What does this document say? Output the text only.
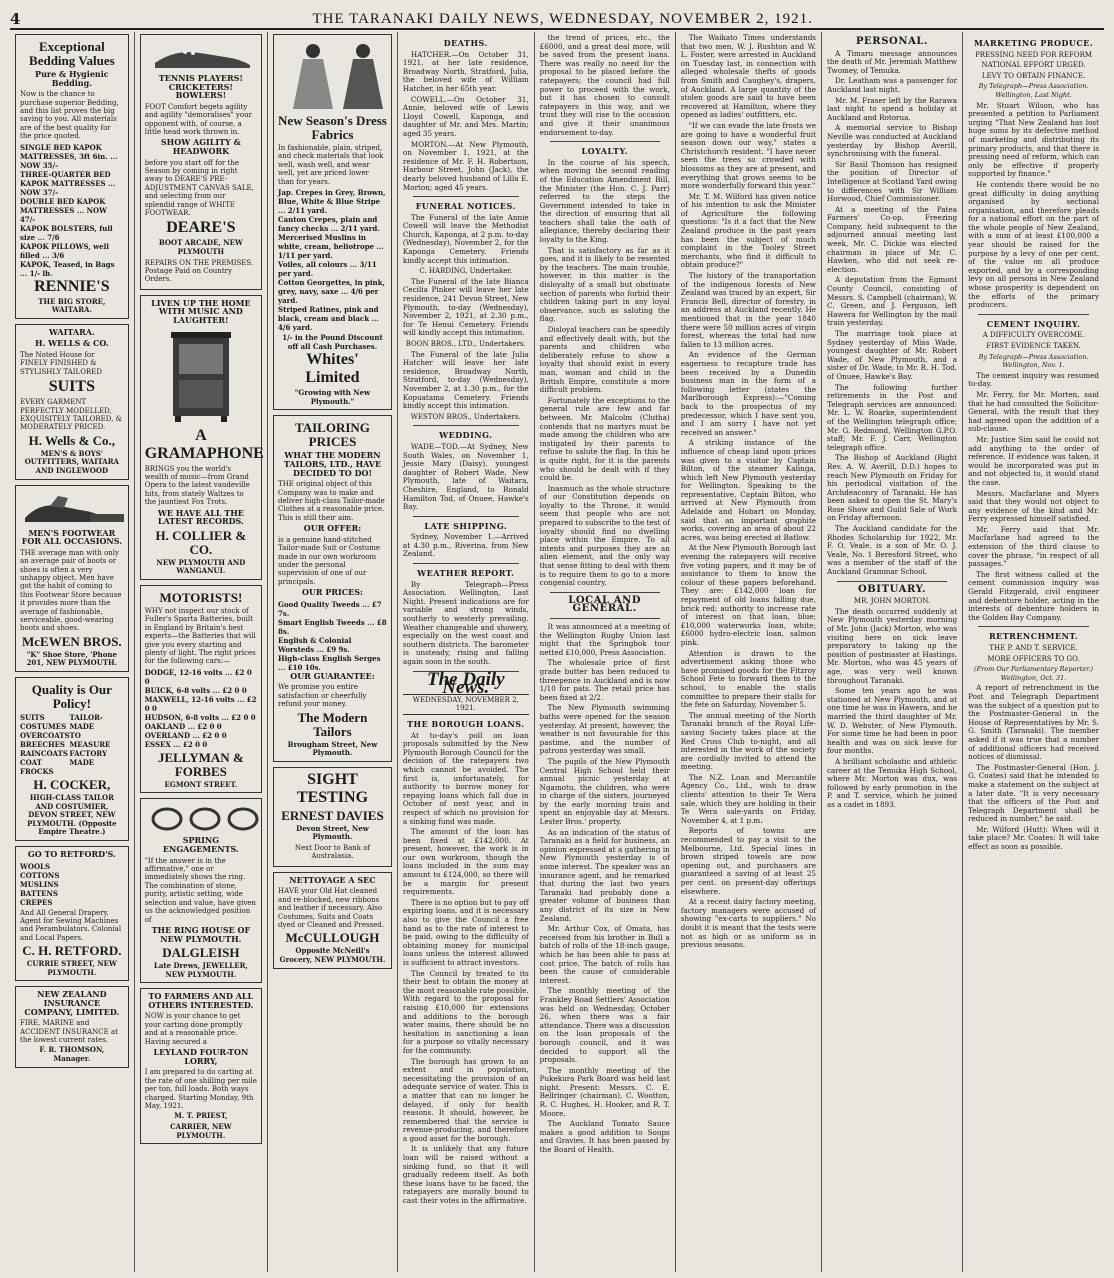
4	THE TARANAKI DAILY NEWS, WEDNESDAY, NOVEMBER 2, 1921.
Exceptional Bedding Values
Pure & Hygienic Bedding.
Now is the chance to purchase superior Bedding, and this list proves the big saving to you. All materials are of the best quality for the price quoted.
SINGLE BED KAPOK MATTRESSES, 3ft 6in. ... NOW 35/-
THREE-QUARTER BED KAPOK MATTRESSES ... NOW 37/-
DOUBLE BED KAPOK MATTRESSES ... NOW 47/-
KAPOK BOLSTERS, full size ... 7/6
KAPOK PILLOWS, well filled ... 3/6
KAPOK, Teased, in Bags ... 1/- lb.
RENNIE'S
THE BIG STORE, WAITARA.
WAITARA.
H. WELLS & CO.
The Noted House for FINELY FINISHED & STYLISHLY TAILORED
SUITS
EVERY GARMENT PERFECTLY MODELLED, EXQUISITELY TAILORED, & MODERATELY PRICED.
H. Wells & Co.,
MEN'S & BOYS' OUTFITTERS, WAITARA AND INGLEWOOD
MEN'S FOOTWEAR FOR ALL OCCASIONS.
THE average man with only an average pair of boots or shoes is often a very unhappy object. Men have got the habit of coming to this Footwear Store because it provides more than the average of fashionable, serviceable, good-wearing boots and shoes.
McEWEN BROS.
"K" Shoe Store, 'Phone 201, NEW PLYMOUTH.
Quality is Our Policy!
SUITS
COSTUMES
OVERCOATS
BREECHES
RAINCOATS
COAT FROCKS
TAILOR-MADE
TO MEASURE
FACTORY MADE
H. COCKER,
HIGH-CLASS TAILOR AND COSTUMIER, DEVON STREET, NEW PLYMOUTH. (Opposite Empire Theatre.)
GO TO RETFORD'S.
WOOLS
COTTONS
MUSLINS
BATTENS
CREPES
And All General Drapery. Agent for Sewing Machines and Perambulators. Colonial and Local Papers.
C. H. RETFORD.
CURRIE STREET, NEW PLYMOUTH.
NEW ZEALAND INSURANCE COMPANY, LIMITED.
FIRE, MARINE and ACCIDENT INSURANCE at the lowest current rates.
F. R. THOMSON, Manager.
TENNIS PLAYERS! CRICKETERS! BOWLERS!
FOOT Comfort begets agility and agility "demoralises" your opponent with, of course, a little head work thrown in.
SHOW AGILITY & HEADWORK
before you start off for the Season by coming in right away to DEARE'S PRE-ADJUSTMENT CANVAS SALE, and selecting from our splendid range of WHITE FOOTWEAR.
DEARE'S
BOOT ARCADE, NEW PLYMOUTH
REPAIRS ON THE PREMISES. Postage Paid on Country Orders.
LIVEN UP THE HOME WITH MUSIC AND LAUGHTER!
A GRAMAPHONE
BRINGS you the world's wealth of music—from Grand Opera to the latest vaudeville hits, from stately Waltzes to the jauntiest Fox Trots.
WE HAVE ALL THE LATEST RECORDS.
H. COLLIER & CO.
NEW PLYMOUTH AND WANGANUI.
MOTORISTS!
WHY not inspect our stock of Fuller's Sparta Batteries, built in England by Britain's best experts—the Batteries that will give you every starting and plenty of light. The right prices for the following cars:—
DODGE, 12-16 volts ... £2 0 0
BUICK, 6-8 volts ... £2 0 0
MAXWELL, 12-16 volts ... £2 0 0
HUDSON, 6-8 volts ... £2 0 0
OAKLAND ... £2 0 0
OVERLAND ... £2 0 0
ESSEX ... £2 0 0
JELLYMAN & FORBES
EGMONT STREET.
SPRING ENGAGEMENTS.
"If the answer is in the affirmative," one or immediately shows the ring. The combination of stone, purity, artistic setting, wide selection and value, have given us the acknowledged position of
THE RING HOUSE OF NEW PLYMOUTH.
DALGLEISH
Late Drews, JEWELLER, NEW PLYMOUTH.
TO FARMERS AND ALL OTHERS INTERESTED.
NOW is your chance to get your carting done promptly and at a reasonable price. Having secured a
LEYLAND FOUR-TON LORRY,
I am prepared to do carting at the rate of one shilling per mile per ton, full loads. Both ways charged. Starting Monday, 9th May, 1921.
M. T. PRIEST,
CARRIER, NEW PLYMOUTH.
New Season's Dress Fabrics
In fashionable, plain, striped, and check materials that look well, wash well, and wear well, yet are priced lower than for years.
Jap. Crepes in Grey, Brown, Blue, White & Blue Stripe ... 2/11 yard.
Canton Crepes, plain and fancy checks ... 2/11 yard.
Mercerised Muslins in white, cream, heliotrope ... 1/11 per yard.
Voiles, all colours ... 3/11 per yard.
Cotton Georgettes, in pink, grey, navy, saxe ... 4/6 per yard.
Striped Ratines, pink and black, cream and black ... 4/6 yard.
1/- in the Pound Discount off all Cash Purchases.
Whites' Limited
"Growing with New Plymouth."
TAILORING PRICES
WHAT THE MODERN TAILORS, LTD., HAVE DECIDED TO DO!
THE original object of this Company was to make and deliver high-class Tailor-made Clothes at a reasonable price. This is still their aim.
OUR OFFER:
is a genuine hand-stitched Tailor-made Suit or Costume made in our own workroom under the personal supervision of one of our principals.
OUR PRICES:
Good Quality Tweeds ... £7 7s.
Smart English Tweeds ... £8 8s.
English & Colonial Worsteds ... £9 9s.
High-class English Serges ... £10 10s.
OUR GUARANTEE:
We promise you entire satisfaction or cheerfully refund your money.
The Modern Tailors
Brougham Street, New Plymouth.
SIGHT TESTING
ERNEST DAVIES
Devon Street, New Plymouth.
Next Door to Bank of Australasia.
NETTOYAGE A SEC
HAVE your Old Hat cleaned and re-blocked, new ribbons and leather if necessary. Also Costumes, Suits and Coats dyed or Cleaned and Pressed.
McCULLOUGH
Opposite McNeill's Grocery, NEW PLYMOUTH.
DEATHS.

HATCHER.—On October 31, 1921, at her late residence, Broadway North, Stratford, Julia, the beloved wife of William Hatcher, in her 65th year.

COWELL.—On October 31, Annie, beloved wife of Lewis Lloyd Cowell, Kaponga, and daughter of Mr. and Mrs. Martin; aged 35 years.

MORTON.—At New Plymouth, on November 1, 1921, at the residence of Mr. F. H. Robertson, Harbour Street, John (Jack), the dearly beloved husband of Lilla E. Morton; aged 45 years.

FUNERAL NOTICES.

The Funeral of the late Annie Cowell will leave the Methodist Church, Kaponga, at 2 p.m. to-day (Wednesday), November 2, for the Kaponga Cemetery. Friends kindly accept this intimation.

C. HARDING, Undertaker.

The Funeral of the late Bianca Cecilia Pinker will leave her late residence, 241 Devon Street, New Plymouth, to-day (Wednesday), November 2, 1921, at 2.30 p.m., for Te Henui Cemetery. Friends will kindly accept this intimation.

BOON BROS., LTD., Undertakers.

The Funeral of the late Julia Hatcher will leave her late residence, Broadway North, Stratford, to-day (Wednesday), November 2, at 1.30 p.m., for the Kopuatama Cemetery. Friends kindly accept this intimation.

WESTON BROS., Undertakers.
WEDDING.

WADE—TOD.—At Sydney, New South Wales, on November 1, Jessie Mary (Daisy), youngest daughter of Robert Wade, New Plymouth, late of Waitara, Cheshire, England, to Ronald Hamilton Tod, of Onuee, Hawke's Bay.

LATE SHIPPING.

Sydney, November 1.—Arrived at 4.30 p.m., Riverina, from New Zealand.

WEATHER REPORT.

By Telegraph—Press Association. Wellington, Last Night. Present indications are for variable and strong winds, southerly to westerly prevailing. Weather changeable and showery, especially on the west coast and southern districts. The barometer is unsteady, rising and falling again soon in the south.

The Daily News.
WEDNESDAY, NOVEMBER 2, 1921.
THE BOROUGH LOANS.

At to-day's poll on loan proposals submitted by the New Plymouth Borough Council for the decision of the ratepayers two which cannot be avoided. The first is, unfortunately, for authority to borrow money for repaying loans which fall due in October of next year, and in respect of which no provision for a sinking fund was made.

The amount of the loan has been fixed at £142,000. At present, however, the work is in our own workroom, though the loans included in the sum may amount to £124,000, so there will be a margin for present requirements.

There is no option but to pay off expiring loans, and it is necessary also to give the Council a free hand as to the rate of interest to be paid, owing to the difficulty of obtaining money for municipal loans unless the interest allowed is sufficient to attract investors.

The Council by treated to its their best to obtain the money at the most reasonable rate possible. With regard to the proposal for raising £10,000 for extensions and additions to the borough water mains, there should be no hesitation in sanctioning a loan for a purpose so vitally necessary for the community.

The borough has grown to an extent and in population, necessitating the provision of an adequate service of water. This is a matter that can no longer be delayed, if only for health reasons. It should, however, be remembered that the service is revenue-producing, and therefore a good asset for the borough.

It is unlikely that any future loan will be raised without a sinking fund, so that it will gradually redeem itself. As both these loans have to be faced, the ratepayers are morally bound to cast their votes in the affirmative.

the trend of prices, etc., the £6000, and a great deal more, will be saved from the present loans. There was really no need for the proposal to be placed before the ratepayers; the council had full power to proceed with the work, but it has chosen to consult ratepayers in this way, and we trust they will rise to the occasion and give it their unanimous endorsement to-day.

LOYALTY.

In the course of his speech, when moving the second reading of the Education Amendment Bill, the Minister (the Hon. C. J. Parr) referred to the steps the Government intended to take in the direction of ensuring that all teachers shall take the oath of allegiance, thereby declaring their loyalty to the King.

That is satisfactory as far as it goes, and it is likely to be resented by the teachers. The main trouble, however, in this matter is the disloyalty of a small but obstinate section of parents who forbid their children taking part in any loyal observance, such as saluting the flag.

Disloyal teachers can be speedily and effectively dealt with, but the parents and children who deliberately refuse to show a loyalty that should exist in every man, woman and child in the British Empire, constitute a more difficult problem.

Fortunately the exceptions to the general rule are few and far between. Mr. Malcolm (Clutha) contends that no martyrs must be made among the children who are instigated by their parents to refuse to salute the flag. In this he is quite right, for it is the parents who should be dealt with if they could be.

Inasmuch as the whole structure of our Constitution depends on loyalty to the Throne, it would seem that people who are not prepared to subscribe to the test of loyalty should find no dwelling place within the Empire. To all intents and purposes they are an alien element, and the only way that sense fitting to deal with them is to require them to go to a more congenial country.

LOCAL AND GENERAL.

It was announced at a meeting of the Wellington Rugby Union last night that the Springbok tour netted £10,000, Press Association.

The wholesale price of first grade butter has been reduced to threepence in Auckland and is now 1/10 for pats. The retail price has been fixed at 2/2.

The New Plymouth swimming baths were opened for the season yesterday. At present, however, the weather is not favourable for this pastime, and the number of patrons yesterday was small.

The pupils of the New Plymouth Central High School held their annual picnic yesterday at Ngamotu, the children, who were in charge of the sisters, journeyed by the early morning train and spent an enjoyable day at Messrs. Lester Bros.' property.

As an indication of the status of Taranaki as a field for business, an opinion expressed at a gathering in New Plymouth yesterday is of some interest. The speaker was an insurance agent, and he remarked that during the last two years Taranaki had probably done a greater volume of business than any district of its size in New Zealand.

Mr. Arthur Cox, of Omata, has received from his brother in Bull a batch of rolls of the 18-inch gauge, which he has been able to pass at cost price. The batch of rolls has been the cause of considerable interest.

The monthly meeting of the Frankley Road Settlers' Association was held on Wednesday, October 26, when there was a fair attendance. There was a discussion on the loan proposals of the borough council, and it was decided to support all the proposals.

The monthly meeting of the Pukekura Park Board was held last night. Present: Messrs. C. E. Bellringer (chairman), C. Wootton, R. C. Hughes, H. Hooker, and R. T. Moore.

The Auckland Tomato Sauce makes a good addition to Soups and Gravies. It has been passed by the Board of Health.

The Waikato Times understands that two men, W. J. Rushton and W. L. Foster, were arrested in Auckland on Tuesday last, in connection with alleged wholesale thefts of goods from Smith and Caughey's, drapers, of Auckland. A large quantity of the stolen goods are said to have been recovered at Hamilton, where they opened as ladies' outfitters, etc.

"If we can evade the late frosts we are going to have a wonderful fruit season down our way," states a Christchurch resident. "I have never seen the trees so crowded with blossoms as they are at present, and everything that grows seems to be more wonderfully forward this year."

Mr. T. M. Wilford has given notice of his intention to ask the Minister of Agriculture the following questions: "Is it a fact that the New Zealand produce in the past years has been the subject of much complaint in the Tooley Street merchants, who find it difficult to obtain produce?"

The history of the transportation of the indigenous forests of New Zealand was traced by an expert, Sir Francis Bell, director of forestry, in an address at Auckland recently. He mentioned that in the year 1840 there were 50 million acres of virgin forest, whereas the total had now fallen to 13 million acres.

An evidence of the German eagerness to recapture trade has been received by a Dunedin business man in the form of a following letter (states the Marlborough Express):—"Coming back to the prospectus of my predecessor, which I have sent you, and I am sorry I have not yet received an answer."

A striking instance of the influence of cheap land upon prices was given to a visitor by Captain Bilton, of the steamer Kalinga, which left New Plymouth yesterday for Wellington. Speaking to the representative, Captain Bilton, who arrived at New Plymouth from Adelaide and Hobart on Monday, said that an important graphite works, covering an area of about 22 acres, was being erected at Batlow.

At the New Plymouth Borough last evening the ratepayers will receive five voting papers, and it may be of assistance to them to know the colour of these papers beforehand. They are: £142,000 loan for repayment of old loans falling due, brick red; authority to increase rate of interest on that loan, blue; £10,000 waterworks loan, white; £6000 hydro-electric loan, salmon pink.

Attention is drawn to the advertisement asking those who have promised goods for the Fitzroy School Fete to forward them to the school, to enable the stalls committee to prepare their stalls for the fete on Saturday, November 5.

The annual meeting of the North Taranaki branch of the Royal Life-saving Society takes place at the Red Cross Club to-night, and all interested in the work of the society are cordially invited to attend the meeting.

The N.Z. Loan and Mercantile Agency Co., Ltd., wish to draw clients' attention to their Te Wera sale, which they are holding in their Te Wera sale-yards on Friday, November 4, at 1 p.m.

Reports of towns are recommended to pay a visit to the Melbourne, Ltd. Special lines in brown striped towels are now opening out, and purchasers are guaranteed a saving of at least 25 per cent. on present-day offerings elsewhere.

At a recent dairy factory meeting, factory managers were accused of showing "ex-carts to suppliers." No doubt it is meant that the tests were not as high or as uniform as in previous seasons.

PERSONAL.

A Timaru message announces the death of Mr. Jeremiah Matthew Twomey, of Temuka.

Dr. Leatham was a passenger for Auckland last night.

Mr. M. Fraser left by the Rarawa last night to spend a holiday at Auckland and Rotorua.

A memorial service to Bishop Neville was conducted at Auckland yesterday by Bishop Averill, synchronising with the funeral.

Sir Basil Thomson has resigned the position of Director of Intelligence at Scotland Yard owing to differences with Sir William Horwood, Chief Commissioner.

At a meeting of the Patea Farmers' Co-op. Freezing Company, held subsequent to the adjourned annual meeting last week, Mr. C. Dickie was elected chairman in place of Mr. C. Hawken, who did not seek re-election.

A deputation from the Egmont County Council, consisting of Messrs. S. Campbell (chairman), W. C. Green, and J. Ferguson, left Hawera for Wellington by the mail train yesterday.

The marriage took place at Sydney yesterday of Miss Wade, youngest daughter of Mr. Robert Wade, of New Plymouth, and a sister of Dr. Wade, to Mr. R. H. Tod, of Onuee, Hawke's Bay.

The following further retirements in the Post and Telegraph services are announced: Mr. L. W. Roarke, superintendent of the Wellington telegraph office; Mr. G. Redmond, Wellington G.P.O. staff; Mr. F. J. Carr, Wellington telegraph office.

The Bishop of Auckland (Right Rev. A. W. Averill, D.D.) hopes to reach New Plymouth on Friday for his periodical visitation of the Archdeaconry of Taranaki. He has been asked to open the St. Mary's Rose Show and Guild Sale of Work on Friday afternoon.

The Auckland candidate for the Rhodes Scholarship for 1922, Mr. F. O. Veale, is a son of Mr. O. J. Veale, No. 1 Beresford Street, who was a member of the staff of the Auckland Grammar School.

OBITUARY.
MR. JOHN MORTON.

The death occurred suddenly at New Plymouth yesterday morning of Mr. John (Jack) Morton, who was visiting here on sick leave preparatory to taking up the position of postmaster at Hastings. Mr. Morton, who was 45 years of age, was very well known throughout Taranaki.

Some ten years ago he was stationed at New Plymouth, and at one time he was in Hawera, and he married the third daughter of Mr. W. D. Webster, of New Plymouth. For some time he had been in poor health and was on sick leave for four months.

A brilliant scholastic and athletic career at the Temuka High School, where Mr. Morton was dux, was followed by early promotion in the P. and T. service, which he joined as a cadet in 1893.

MARKETING PRODUCE.
PRESSING NEED FOR REFORM
NATIONAL EFFORT URGED.
LEVY TO OBTAIN FINANCE.
By Telegraph—Press Association. Wellington, Last Night.

Mr. Stuart Wilson, who has presented a petition to Parliament urging "That New Zealand has lost huge sums by its defective method of marketing and distributing its primary products, and that there is pressing need of reform, which can only be effective if properly supported by finance."

He contends there would be no great difficulty in doing anything organised by sectional organisation, and therefore pleads for a national effort on the part of the whole people of New Zealand, with a sum of at least £100,000 a year should be raised for the purpose by a levy of one per cent. of the value on all produce exported, and by a corresponding levy on all persons in New Zealand whose prosperity is dependent on the efforts of the primary producers.

CEMENT INQUIRY.
A DIFFICULTY OVERCOME.
FIRST EVIDENCE TAKEN.
By Telegraph—Press Association. Wellington, Nov. 1.

The cement inquiry was resumed to-day.

Mr. Ferry, for Mr. Morten, said that he had consulted the Solicitor-General, with the result that they had agreed upon the addition of a sub-clause.

Mr. Justice Sim said he could not add anything to the order of reference. If evidence was taken, it would be incorporated was put in and not objected to, it would stand the case.

Messrs. Macfarlane and Myers said that they would not object to any evidence of the kind and Mr. Ferry expressed himself satisfied.

Mr. Ferry said that Mr. Macfarlane had agreed to the extension of the third clause to cover the phrase, "in respect of all passages."

The first witness called at the cement commission inquiry was Gerald Fitzgerald, civil engineer and debenture holder, acting in the interests of debenture holders in the Golden Bay Company.

RETRENCHMENT.
THE P. AND T. SERVICE.
MORE OFFICERS TO GO.
(From Our Parliamentary Reporter.) Wellington, Oct. 31.

A report of retrenchment in the Post and Telegraph Department was the subject of a question put to the Postmaster-General in the House of Representatives by Mr. S. G. Smith (Taranaki). The member asked if it was true that a number of additional officers had received notices of dismissal.

The Postmaster-General (Hon. J. G. Coates) said that he intended to make a statement on the subject at a later date. "It is very necessary that the officers of the Post and Telegraph Department shall be reduced in number," he said.

Mr. Wilford (Hutt): When will it take place? Mr. Coates: It will take effect as soon as possible.
